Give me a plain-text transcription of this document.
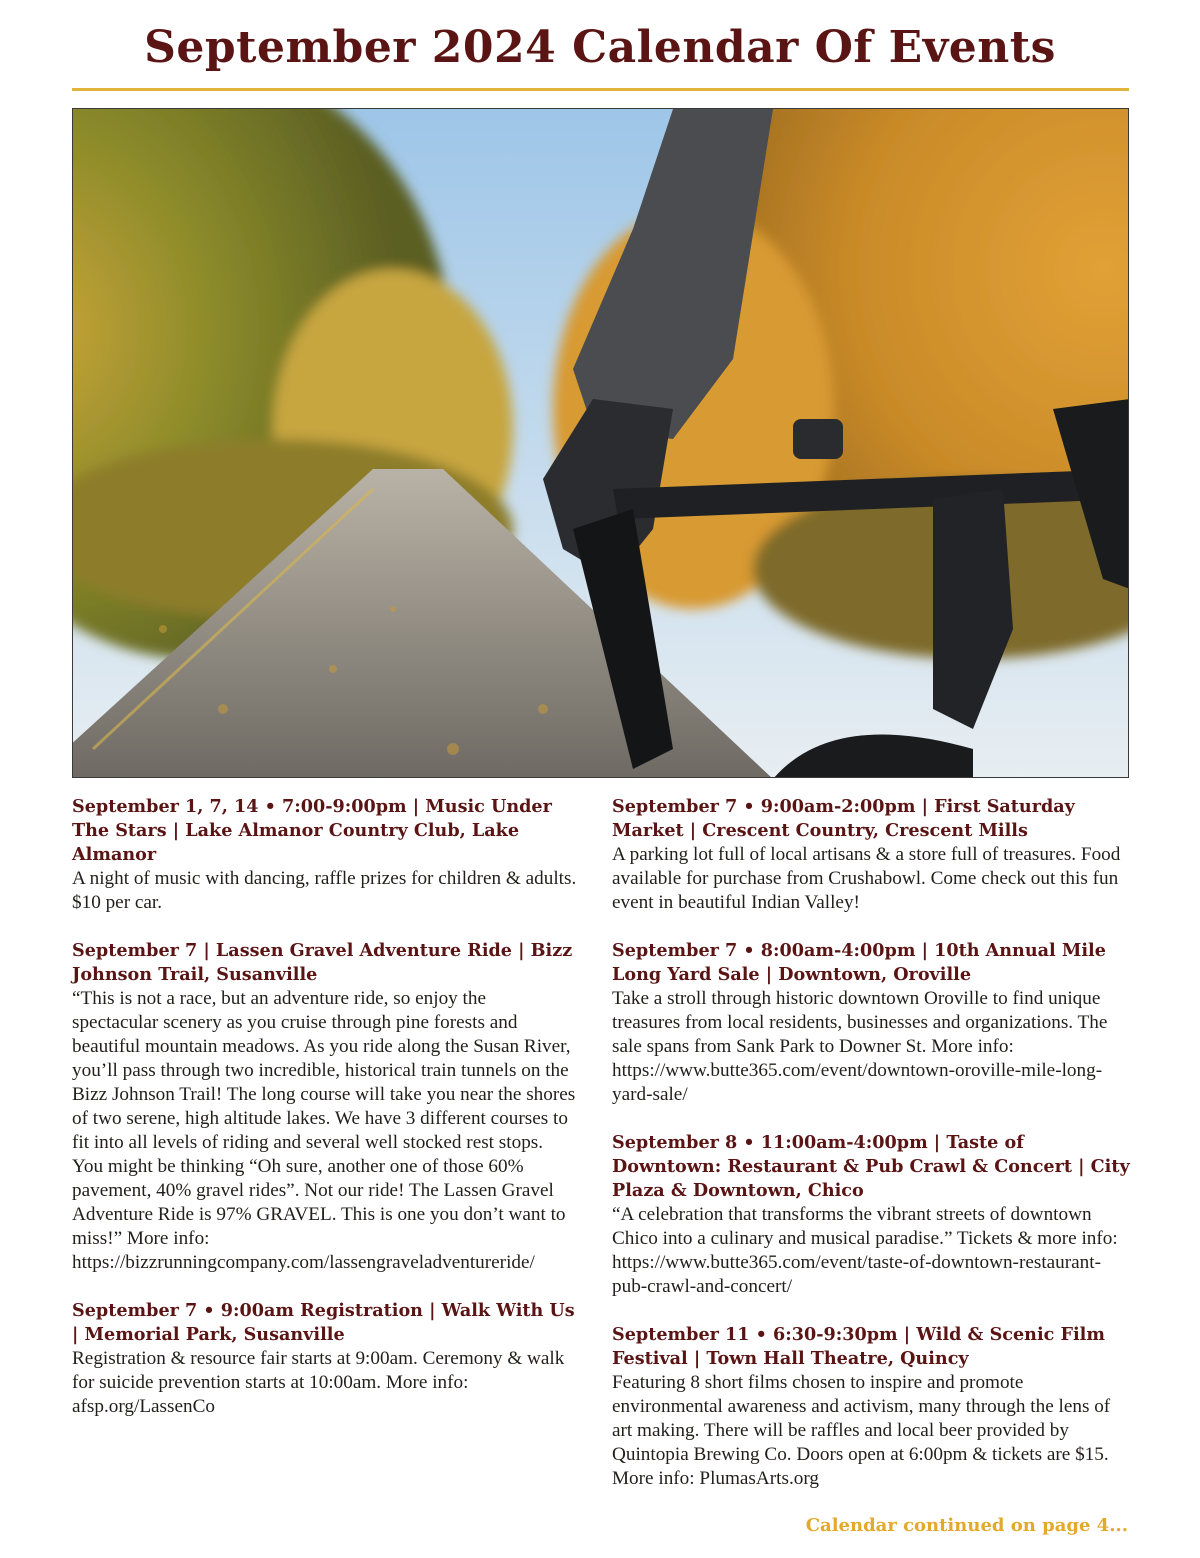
September 2024 Calendar Of Events

September 1, 7, 14 • 7:00-9:00pm | Music Under The Stars | Lake Almanor Country Club, Lake Almanor

A night of music with dancing, raffle prizes for children & adults. $10 per car.

September 7 | Lassen Gravel Adventure Ride | Bizz Johnson Trail, Susanville

“This is not a race, but an adventure ride, so enjoy the spectacular scenery as you cruise through pine forests and beautiful mountain meadows. As you ride along the Susan River, you’ll pass through two incredible, historical train tunnels on the Bizz Johnson Trail! The long course will take you near the shores of two serene, high altitude lakes. We have 3 different courses to fit into all levels of riding and several well stocked rest stops. You might be thinking “Oh sure, another one of those 60% pavement, 40% gravel rides”. Not our ride! The Lassen Gravel Adventure Ride is 97% GRAVEL. This is one you don’t want to miss!” More info: https://bizzrunningcompany.com/lassengraveladventureride/

September 7 • 9:00am Registration | Walk With Us | Memorial Park, Susanville

Registration & resource fair starts at 9:00am. Ceremony & walk for suicide prevention starts at 10:00am. More info: afsp.org/LassenCo

September 7 • 9:00am-2:00pm | First Saturday Market | Crescent Country, Crescent Mills

A parking lot full of local artisans & a store full of treasures. Food available for purchase from Crushabowl. Come check out this fun event in beautiful Indian Valley!

September 7 • 8:00am-4:00pm | 10th Annual Mile Long Yard Sale | Downtown, Oroville

Take a stroll through historic downtown Oroville to find unique treasures from local residents, businesses and organizations. The sale spans from Sank Park to Downer St. More info: https://www.butte365.com/event/downtown-oroville-mile-long-yard-sale/

September 8 • 11:00am-4:00pm | Taste of Downtown: Restaurant & Pub Crawl & Concert | City Plaza & Downtown, Chico

“A celebration that transforms the vibrant streets of downtown Chico into a culinary and musical paradise.” Tickets & more info: https://www.butte365.com/event/taste-of-downtown-restaurant-pub-crawl-and-concert/

September 11 • 6:30-9:30pm | Wild & Scenic Film Festival | Town Hall Theatre, Quincy

Featuring 8 short films chosen to inspire and promote environmental awareness and activism, many through the lens of art making. There will be raffles and local beer provided by Quintopia Brewing Co. Doors open at 6:00pm & tickets are $15. More info: PlumasArts.org

Calendar continued on page 4...
